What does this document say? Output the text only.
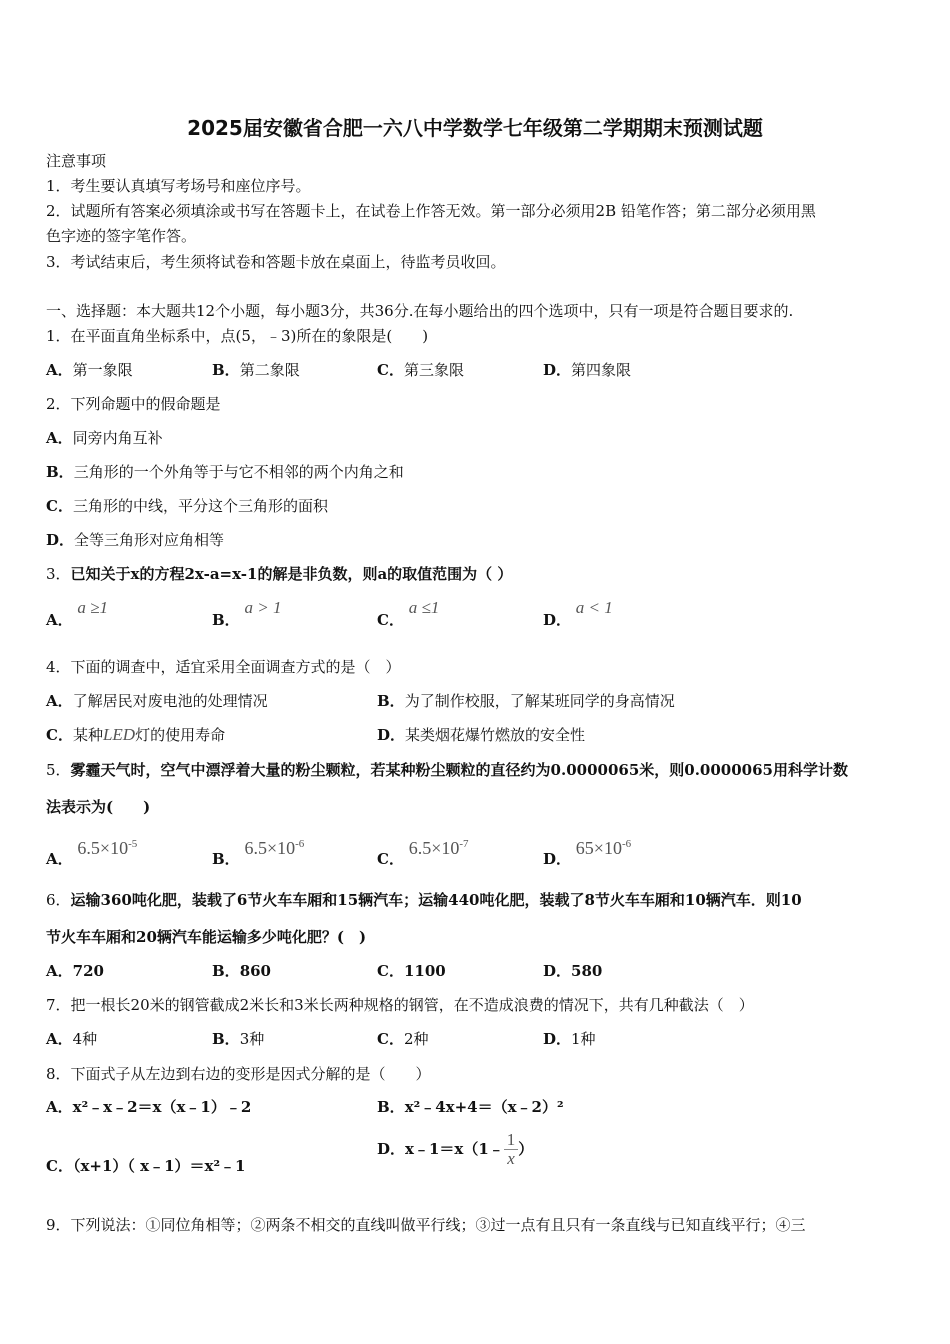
2025届安徽省合肥一六八中学数学七年级第二学期期末预测试题
注意事项
1．考生要认真填写考场号和座位序号。
2．试题所有答案必须填涂或书写在答题卡上，在试卷上作答无效。第一部分必须用2B 铅笔作答；第二部分必须用黑
色字迹的签字笔作答。
3．考试结束后，考生须将试卷和答题卡放在桌面上，待监考员收回。
一、选择题：本大题共12个小题，每小题3分，共36分.在每小题给出的四个选项中，只有一项是符合题目要求的.
1．在平面直角坐标系中，点(5，﹣3)所在的象限是(　　)
A．第一象限	B．第二象限	C．第三象限	D．第四象限
2．下列命题中的假命题是
A．同旁内角互补
B．三角形的一个外角等于与它不相邻的两个内角之和
C．三角形的中线，平分这个三角形的面积
D．全等三角形对应角相等
3．已知关于x的方程2x-a=x-1的解是非负数，则a的取值范围为（ ）
A． a ≥1
B． a > 1
C． a ≤1
D． a < 1
4．下面的调查中，适宜采用全面调查方式的是（　）
A．了解居民对废电池的处理情况	B．为了制作校服，了解某班同学的身高情况
C．某种LED灯的使用寿命	D．某类烟花爆竹燃放的安全性
5．雾霾天气时，空气中漂浮着大量的粉尘颗粒，若某种粉尘颗粒的直径约为0.0000065米，则0.0000065用科学计数
法表示为(　　)
A． $6.5\times 10^{-5}$
B． $6.5\times 10^{-6}$
C． $6.5\times 10^{-7}$
D． $65\times 10^{-6}$
6．运输360吨化肥，装载了6节火车车厢和15辆汽车；运输440吨化肥，装载了8节火车车厢和10辆汽车．则10
节火车车厢和20辆汽车能运输多少吨化肥？(　)
A．720	B．860	C．1100	D．580
7．把一根长20米的钢管截成2米长和3米长两种规格的钢管，在不造成浪费的情况下，共有几种截法（　）
A．4种	B．3种	C．2种	D．1种
8．下面式子从左边到右边的变形是因式分解的是（　　）
A．x²﹣x﹣2＝x（x﹣1）﹣2	B．x²﹣4x+4＝（x﹣2）²
C．（x+1）（ x﹣1）＝x²﹣1
D．x﹣1＝x（1﹣ $\frac{1}{x}$ ）
9．下列说法：①同位角相等；②两条不相交的直线叫做平行线；③过一点有且只有一条直线与已知直线平行；④三
